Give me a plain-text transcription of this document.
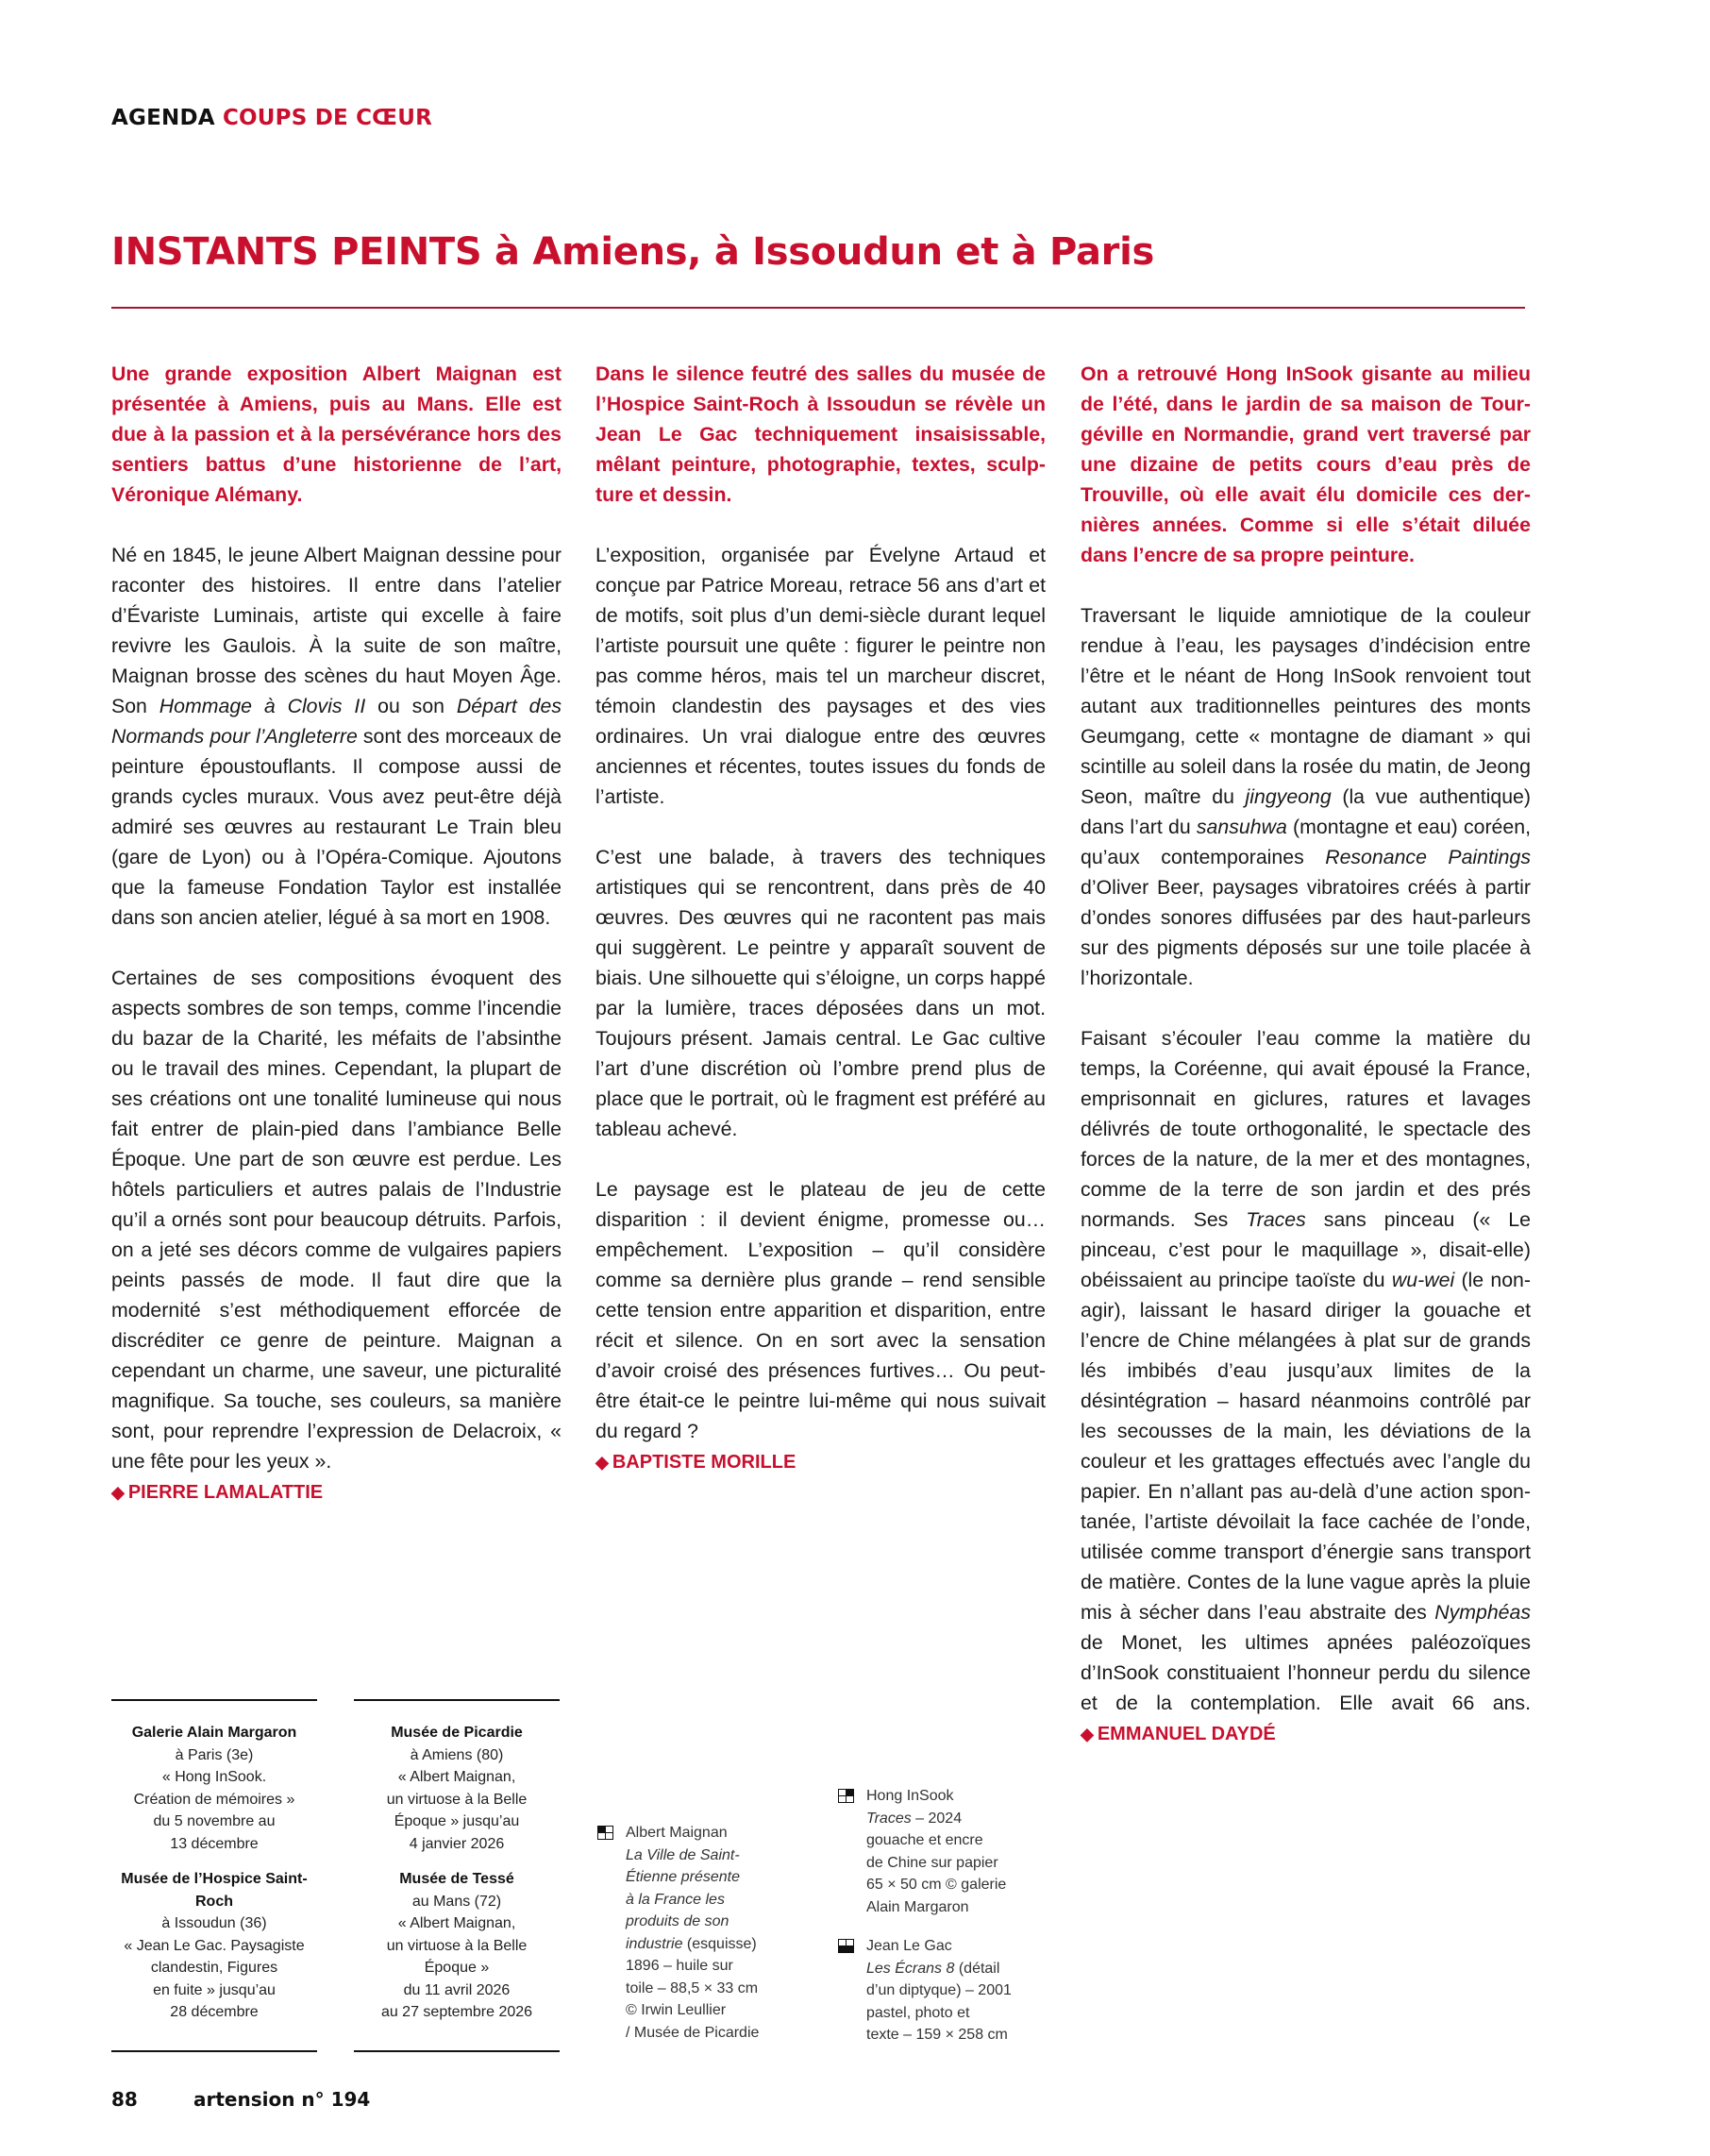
AGENDA COUPS DE CŒUR
INSTANTS PEINTS à Amiens, à Issoudun et à Paris

Une grande exposition Albert Maignan est présentée à Amiens, puis au Mans. Elle est due à la passion et à la persévérance hors des sentiers battus d’une historienne de l’art, Véronique Alémany.

Né en 1845, le jeune Albert Maignan dessine pour raconter des histoires. Il entre dans l’atelier d’Évariste Luminais, artiste qui excelle à faire revivre les Gaulois. À la suite de son maître, Maignan brosse des scènes du haut Moyen Âge. Son Hommage à Clovis II ou son Départ des Normands pour l’Angleterre sont des morceaux de peinture époustouflants. Il compose aussi de grands cycles muraux. Vous avez peut-être déjà admiré ses œuvres au restaurant Le Train bleu (gare de Lyon) ou à l’Opéra-Comique. Ajoutons que la fameuse Fondation Taylor est installée dans son ancien atelier, légué à sa mort en 1908.

Certaines de ses compositions évoquent des aspects sombres de son temps, comme l’incendie du bazar de la Charité, les méfaits de l’absinthe ou le travail des mines. Cependant, la plupart de ses créations ont une tonalité lumineuse qui nous fait entrer de plain-pied dans l’ambiance Belle Époque. Une part de son œuvre est perdue. Les hôtels particuliers et autres palais de l’Industrie qu’il a ornés sont pour beaucoup détruits. Parfois, on a jeté ses décors comme de vulgaires papiers peints passés de mode. Il faut dire que la modernité s’est méthodiquement efforcée de discréditer ce genre de peinture. Maignan a cependant un charme, une saveur, une picturalité magnifique. Sa touche, ses couleurs, sa manière sont, pour reprendre l’expression de Delacroix, « une fête pour les yeux ».
◆ PIERRE LAMALATTIE

Dans le silence feutré des salles du musée de l’Hospice Saint-Roch à Issoudun se révèle un Jean Le Gac techniquement insaisissable, mêlant peinture, photographie, textes, sculpture et dessin.

L’exposition, organisée par Évelyne Artaud et conçue par Patrice Moreau, retrace 56 ans d’art et de motifs, soit plus d’un demi-siècle durant lequel l’artiste poursuit une quête : figurer le peintre non pas comme héros, mais tel un marcheur discret, témoin clandestin des paysages et des vies ordinaires. Un vrai dialogue entre des œuvres anciennes et récentes, toutes issues du fonds de l’artiste.

C’est une balade, à travers des techniques artistiques qui se rencontrent, dans près de 40 œuvres. Des œuvres qui ne racontent pas mais qui suggèrent. Le peintre y apparaît souvent de biais. Une silhouette qui s’éloigne, un corps happé par la lumière, traces déposées dans un mot. Toujours présent. Jamais central. Le Gac cultive l’art d’une discrétion où l’ombre prend plus de place que le portrait, où le fragment est préféré au tableau achevé.

Le paysage est le plateau de jeu de cette disparition : il devient énigme, promesse ou… empêchement. L’exposition – qu’il considère comme sa dernière plus grande – rend sensible cette tension entre apparition et disparition, entre récit et silence. On en sort avec la sensation d’avoir croisé des présences furtives… Ou peut-être était-ce le peintre lui-même qui nous suivait du regard ?
◆ BAPTISTE MORILLE

On a retrouvé Hong InSook gisante au milieu de l’été, dans le jardin de sa maison de Tourgéville en Normandie, grand vert traversé par une dizaine de petits cours d’eau près de Trouville, où elle avait élu domicile ces dernières années. Comme si elle s’était diluée dans l’encre de sa propre peinture.

Traversant le liquide amniotique de la couleur rendue à l’eau, les paysages d’indécision entre l’être et le néant de Hong InSook renvoient tout autant aux traditionnelles peintures des monts Geumgang, cette « montagne de diamant » qui scintille au soleil dans la rosée du matin, de Jeong Seon, maître du jingyeong (la vue authentique) dans l’art du sansuhwa (montagne et eau) coréen, qu’aux contemporaines Resonance Paintings d’Oliver Beer, paysages vibratoires créés à partir d’ondes sonores diffusées par des haut-parleurs sur des pigments déposés sur une toile placée à l’horizontale.

Faisant s’écouler l’eau comme la matière du temps, la Coréenne, qui avait épousé la France, emprisonnait en giclures, ratures et lavages délivrés de toute orthogonalité, le spectacle des forces de la nature, de la mer et des montagnes, comme de la terre de son jardin et des prés normands. Ses Traces sans pinceau (« Le pinceau, c’est pour le maquillage », disait-elle) obéissaient au principe taoïste du wu-wei (le non-agir), laissant le hasard diriger la gouache et l’encre de Chine mélangées à plat sur de grands lés imbibés d’eau jusqu’aux limites de la désintégration – hasard néanmoins contrôlé par les secousses de la main, les déviations de la couleur et les grattages effectués avec l’angle du papier. En n’allant pas au-delà d’une action spontanée, l’artiste dévoilait la face cachée de l’onde, utilisée comme transport d’énergie sans transport de matière. Contes de la lune vague après la pluie mis à sécher dans l’eau abstraite des Nymphéas de Monet, les ultimes apnées paléozoïques d’InSook constituaient l’honneur perdu du silence et de la contemplation. Elle avait 66 ans. ◆ EMMANUEL DAYDÉ

Galerie Alain Margaron
à Paris (3e)
« Hong InSook.
Création de mémoires »
du 5 novembre au
13 décembre
Musée de l’Hospice Saint-Roch
à Issoudun (36)
« Jean Le Gac. Paysagiste
clandestin, Figures
en fuite » jusqu’au
28 décembre
Musée de Picardie
à Amiens (80)
« Albert Maignan,
un virtuose à la Belle
Époque » jusqu’au
4 janvier 2026
Musée de Tessé
au Mans (72)
« Albert Maignan,
un virtuose à la Belle
Époque »
du 11 avril 2026
au 27 septembre 2026
Albert Maignan
La Ville de Saint-
Étienne présente
à la France les
produits de son
industrie (esquisse)
1896 – huile sur
toile – 88,5 × 33 cm
© Irwin Leullier
/ Musée de Picardie
Hong InSook
Traces – 2024
gouache et encre
de Chine sur papier
65 × 50 cm © galerie
Alain Margaron
Jean Le Gac
Les Écrans 8 (détail
d’un diptyque) – 2001
pastel, photo et
texte – 159 × 258 cm
88	artension n° 194
